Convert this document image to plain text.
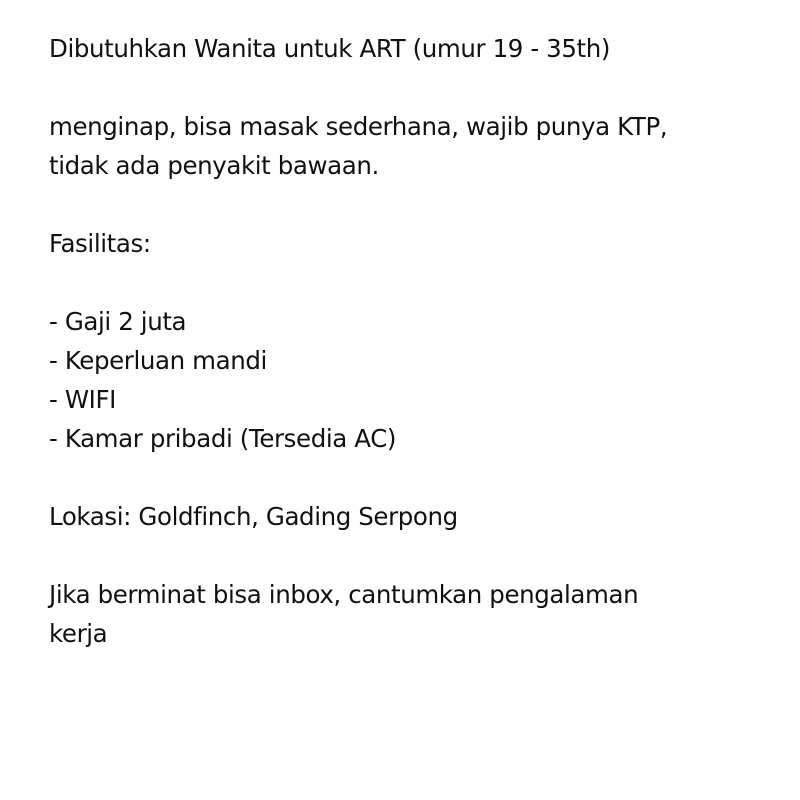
Dibutuhkan Wanita untuk ART (umur 19 - 35th)
menginap, bisa masak sederhana, wajib punya KTP,
tidak ada penyakit bawaan.
Fasilitas:
- Gaji 2 juta
- Keperluan mandi
- WIFI
- Kamar pribadi (Tersedia AC)
Lokasi: Goldfinch, Gading Serpong
Jika berminat bisa inbox, cantumkan pengalaman
kerja
